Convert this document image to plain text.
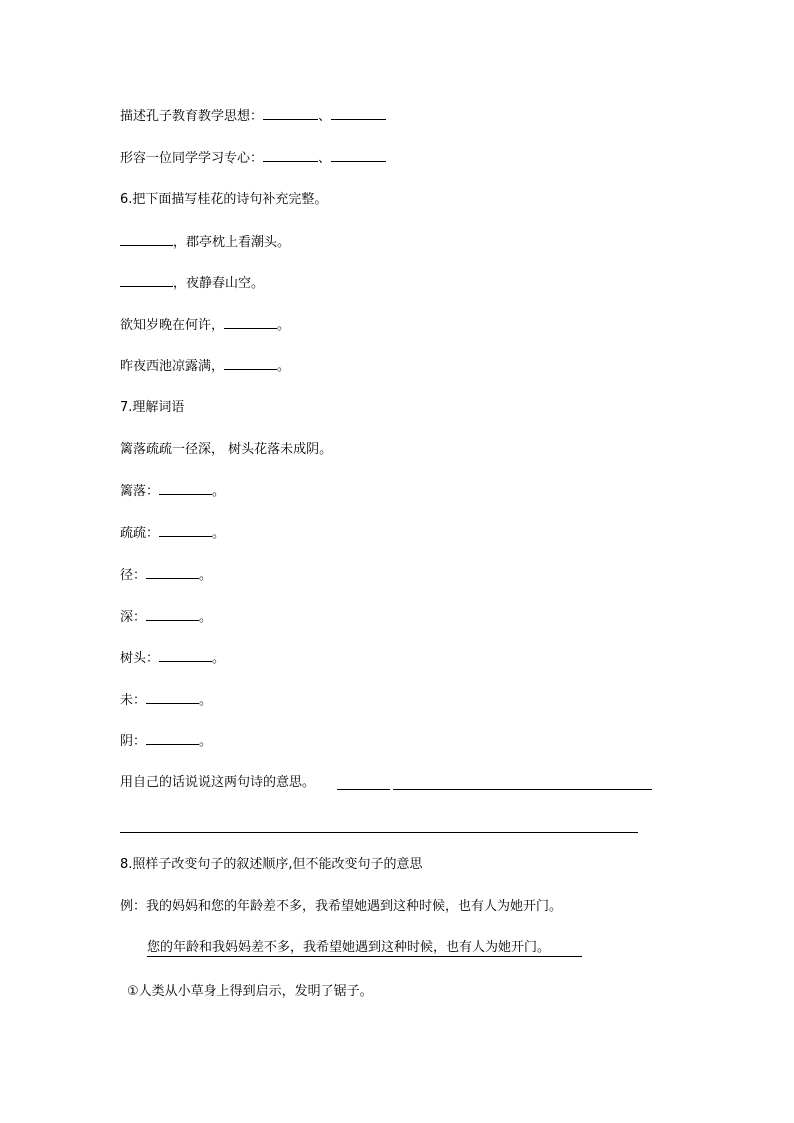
描述孔子教育教学思想：	、
形容一位同学学习专心：	、
6.把下面描写桂花的诗句补充完整。
，郡亭枕上看潮头。
，夜静春山空。
欲知岁晚在何许，	。
昨夜西池凉露满，	。
7.理解词语
篱落疏疏一径深， 树头花落未成阴。
篱落：	。
疏疏：	。
径：	。
深：	。
树头：	。
未：	。
阴：	。
用自己的话说说这两句诗的意思。
8.照样子改变句子的叙述顺序,但不能改变句子的意思
例：我的妈妈和您的年龄差不多，我希望她遇到这种时候，也有人为她开门。
您的年龄和我妈妈差不多，我希望她遇到这种时候，也有人为她开门。
①人类从小草身上得到启示，发明了锯子。
